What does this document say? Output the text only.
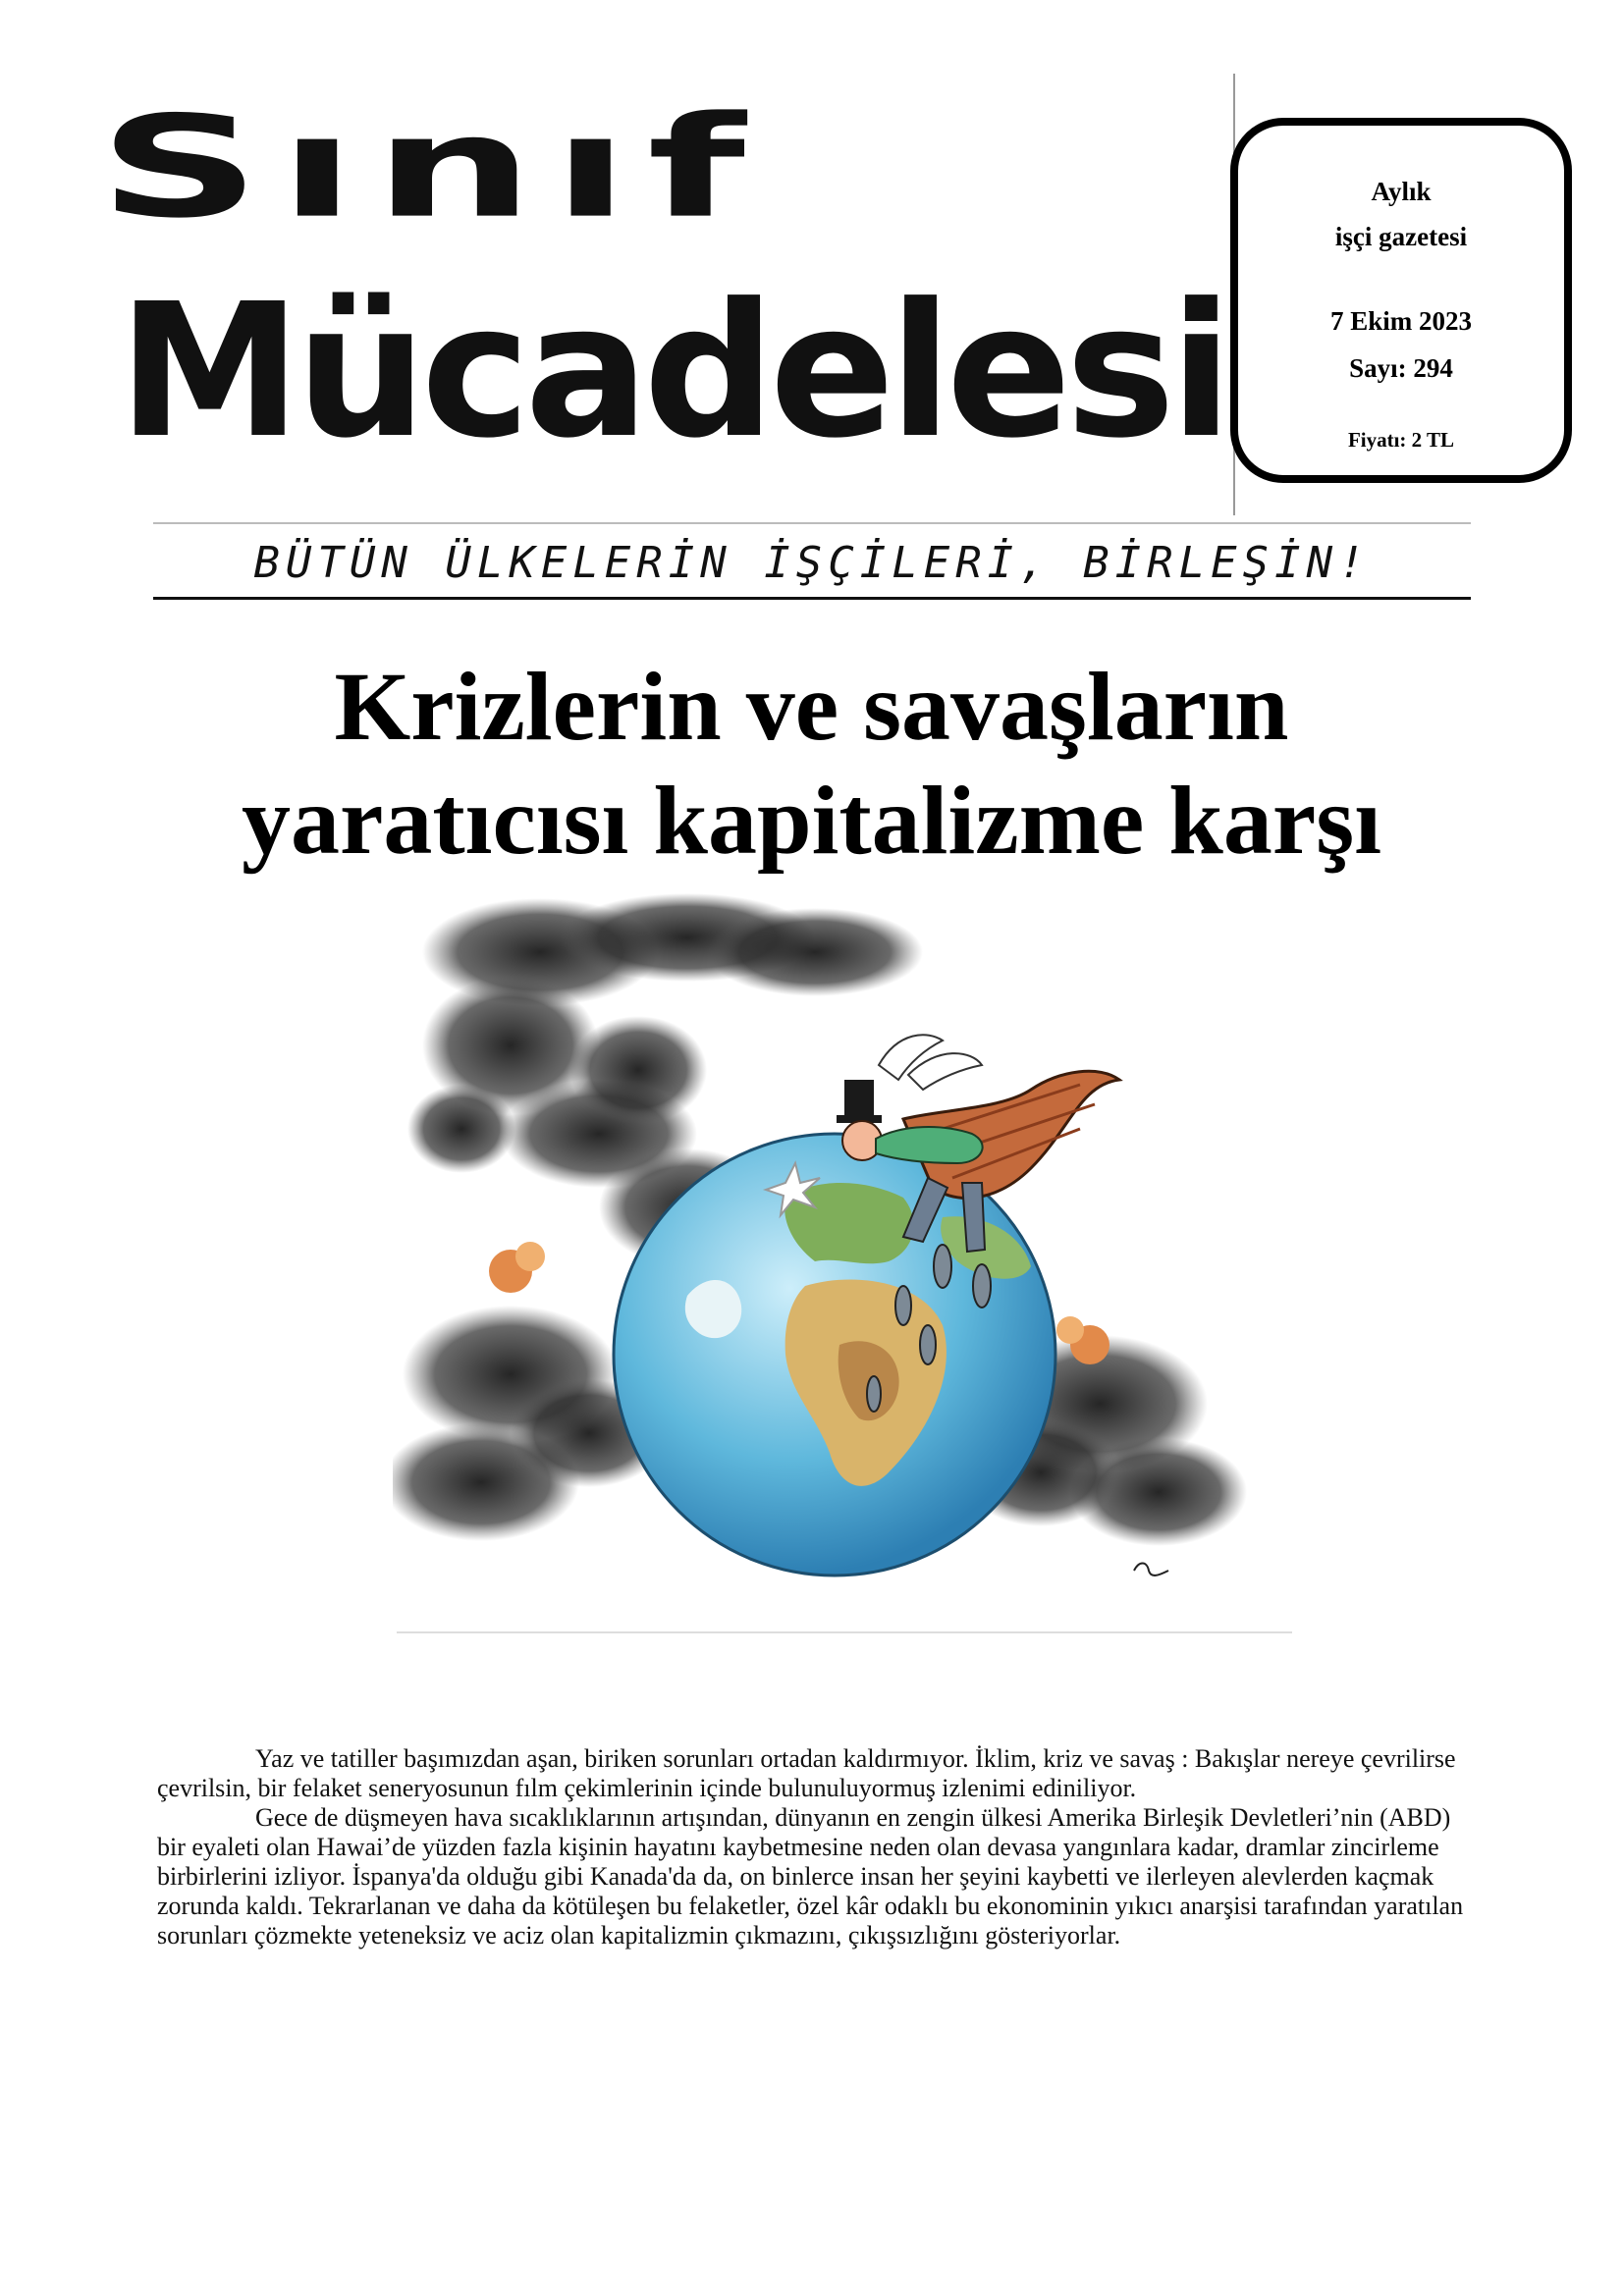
Sınıf
Mücadelesi
Aylık
işçi gazetesi
7 Ekim 2023
Sayı: 294
Fiyatı: 2 TL
BÜTÜN ÜLKELERİN İŞÇİLERİ, BİRLEŞİN!
Krizlerin ve savaşların
yaratıcısı kapitalizme karşı

Yaz ve tatiller başımızdan aşan, biriken sorunları ortadan kaldırmıyor. İklim, kriz ve savaş : Bakışlar nereye çevrilirse çevrilsin, bir felaket seneryosunun fılm çekimlerinin içinde bulunuluyormuş izlenimi ediniliyor.

Gece de düşmeyen hava sıcaklıklarının artışından, dünyanın en zengin ülkesi Amerika Birleşik Devletleri’nin (ABD) bir eyaleti olan Hawai’de yüzden fazla kişinin hayatını kaybetmesine neden olan devasa yangınlara kadar, dramlar zincirleme birbirlerini izliyor. İspanya'da olduğu gibi Kanada'da da, on binlerce insan her şeyini kaybetti ve ilerleyen alevlerden kaçmak zorunda kaldı. Tekrarlanan ve daha da kötüleşen bu felaketler, özel kâr odaklı bu ekonominin yıkıcı anarşisi tarafından yaratılan sorunları çözmekte yeteneksiz ve aciz olan kapitalizmin çıkmazını, çıkışsızlığını gösteriyorlar.
